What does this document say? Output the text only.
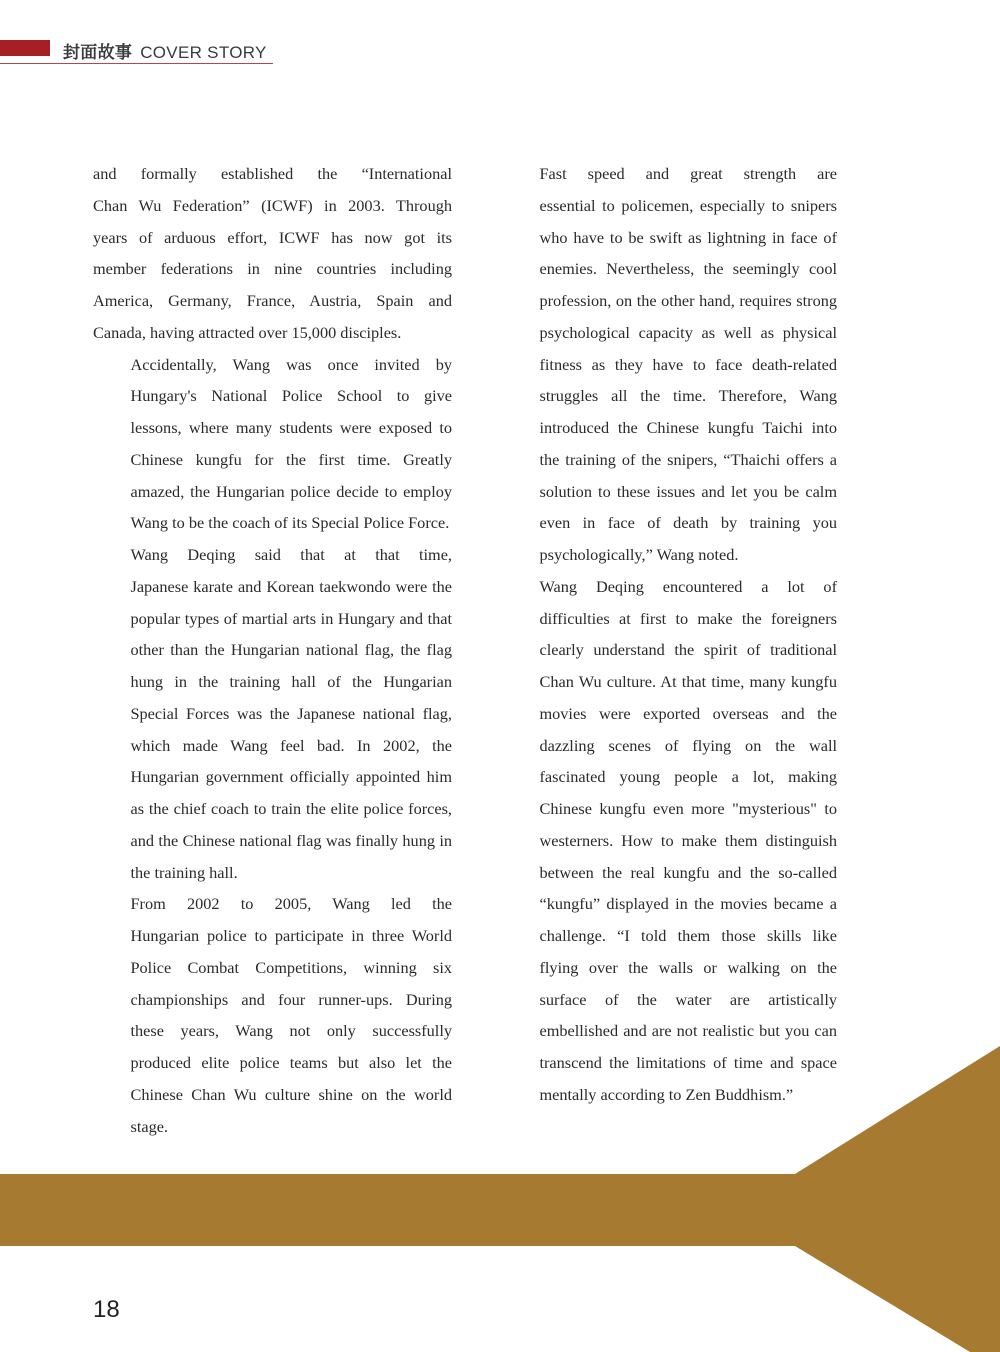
封面故事 COVER STORY

and formally established the “International
Chan Wu Federation” (ICWF) in 2003. Through
years of arduous effort, ICWF has now got its
member federations in nine countries including
America, Germany, France, Austria, Spain and
Canada, having attracted over 15,000 disciples.

Accidentally, Wang was once invited by
Hungary's National Police School to give
lessons, where many students were exposed to
Chinese kungfu for the first time. Greatly
amazed, the Hungarian police decide to employ
Wang to be the coach of its Special Police Force.

Wang Deqing said that at that time,
Japanese karate and Korean taekwondo were the
popular types of martial arts in Hungary and that
other than the Hungarian national flag, the flag
hung in the training hall of the Hungarian
Special Forces was the Japanese national flag,
which made Wang feel bad. In 2002, the
Hungarian government officially appointed him
as the chief coach to train the elite police forces,
and the Chinese national flag was finally hung in
the training hall.

From 2002 to 2005, Wang led the
Hungarian police to participate in three World
Police Combat Competitions, winning six
championships and four runner-ups. During
these years, Wang not only successfully
produced elite police teams but also let the
Chinese Chan Wu culture shine on the world
stage.

Fast speed and great strength are
essential to policemen, especially to snipers
who have to be swift as lightning in face of
enemies. Nevertheless, the seemingly cool
profession, on the other hand, requires strong
psychological capacity as well as physical
fitness as they have to face death-related
struggles all the time. Therefore, Wang
introduced the Chinese kungfu Taichi into
the training of the snipers, “Thaichi offers a
solution to these issues and let you be calm
even in face of death by training you
psychologically,” Wang noted.

Wang Deqing encountered a lot of
difficulties at first to make the foreigners
clearly understand the spirit of traditional
Chan Wu culture. At that time, many kungfu
movies were exported overseas and the
dazzling scenes of flying on the wall
fascinated young people a lot, making
Chinese kungfu even more "mysterious" to
westerners. How to make them distinguish
between the real kungfu and the so-called
“kungfu” displayed in the movies became a
challenge. “I told them those skills like
flying over the walls or walking on the
surface of the water are artistically
embellished and are not realistic but you can
transcend the limitations of time and space
mentally according to Zen Buddhism.”

18
